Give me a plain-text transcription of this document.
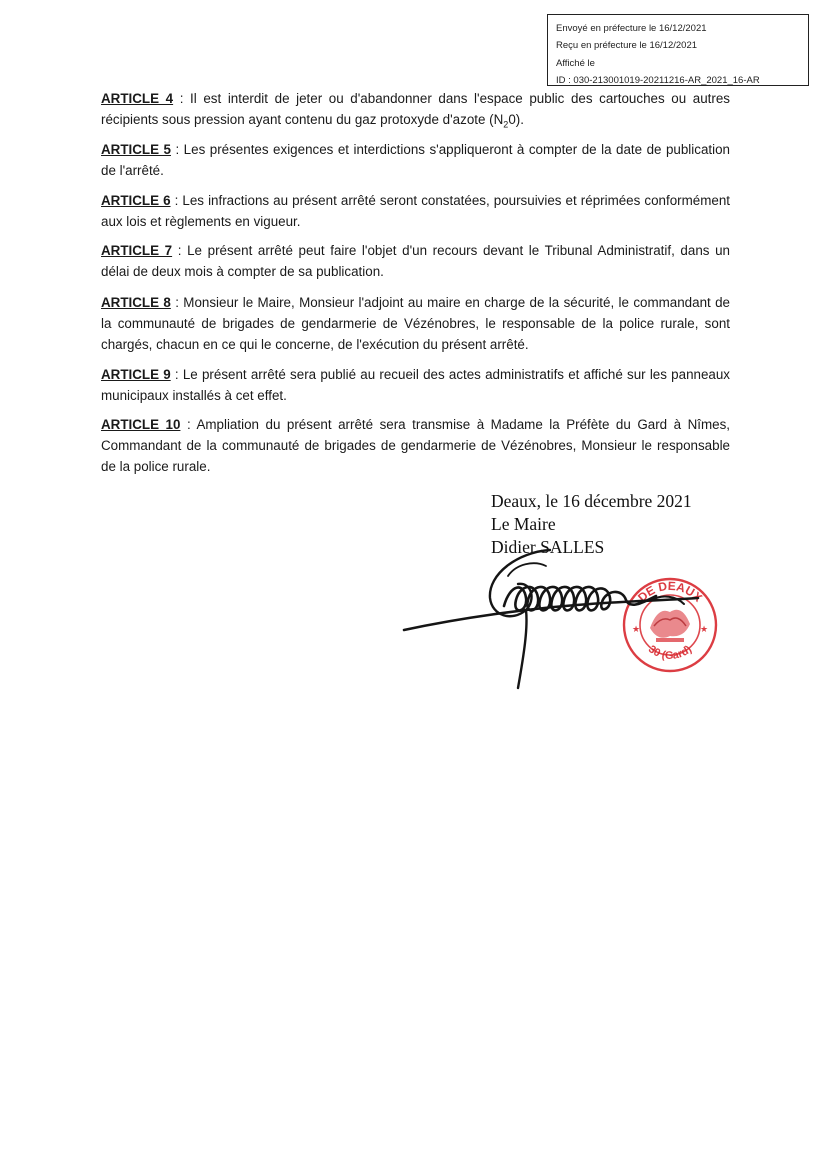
Envoyé en préfecture le 16/12/2021
Reçu en préfecture le 16/12/2021
Affiché le
ID : 030-213001019-20211216-AR_2021_16-AR

ARTICLE 4 : Il est interdit de jeter ou d'abandonner dans l'espace public des cartouches ou autres récipients sous pression ayant contenu du gaz protoxyde d'azote $(N_20)$.

ARTICLE 5 : Les présentes exigences et interdictions s'appliqueront à compter de la date de publication de l'arrêté.

ARTICLE 6 : Les infractions au présent arrêté seront constatées, poursuivies et réprimées conformément aux lois et règlements en vigueur.

ARTICLE 7 : Le présent arrêté peut faire l'objet d'un recours devant le Tribunal Administratif, dans un délai de deux mois à compter de sa publication.

ARTICLE 8 : Monsieur le Maire, Monsieur l'adjoint au maire en charge de la sécurité, le commandant de la communauté de brigades de gendarmerie de Vézénobres, le responsable de la police rurale, sont chargés, chacun en ce qui le concerne, de l'exécution du présent arrêté.

ARTICLE 9 : Le présent arrêté sera publié au recueil des actes administratifs et affiché sur les panneaux municipaux installés à cet effet.

ARTICLE 10 : Ampliation du présent arrêté sera transmise à Madame la Préfète du Gard à Nîmes, Commandant de la communauté de brigades de gendarmerie de Vézénobres, Monsieur le responsable de la police rurale.

Deaux, le 16 décembre 2021
Le Maire
Didier SALLES
DE DEAUX
30 (Gard)
★	★
